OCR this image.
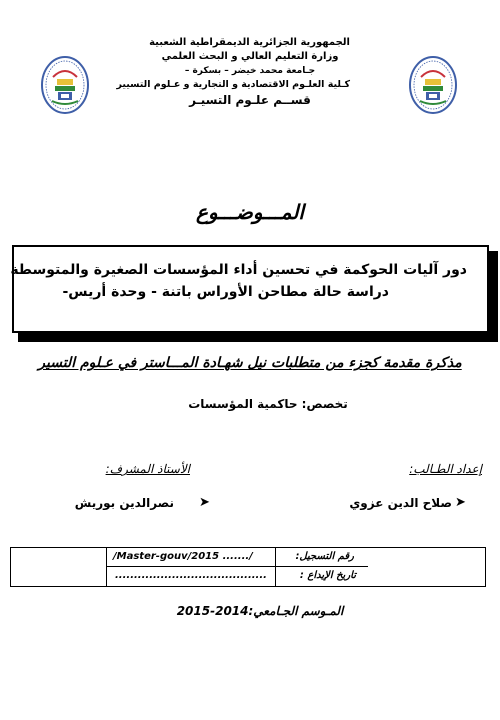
الجمهورية الجزائرية الديمقراطية الشعبية
وزارة التعليم العالي و البحث العلمي
جـامعة محمد خيضر – بسكرة –
كـلية العلـوم الاقتصادية و التجارية و عـلوم التسيير
قســم علـوم التسيـر
المـــوضـــوع
دور آليات الحوكمة في تحسين أداء المؤسسات الصغيرة والمتوسطة
دراسة حالة مطاحن الأوراس باتنة - وحدة أريس-
مذكرة مقدمة كجزء من متطلبات نيل شهـادة المـــاستر في عـلوم التسير
تخصص: حاكمية المؤسسات
إعداد الطـالب:
الأستاذ المشرف:
➤
صلاح الدين عزوي
➤
نصرالدين بوريش
/Master-gouv/2015 ......./
........................................
رقم التسجيل:
تاريخ الإيداع :
المـوسم الجـامعي:2014-2015
